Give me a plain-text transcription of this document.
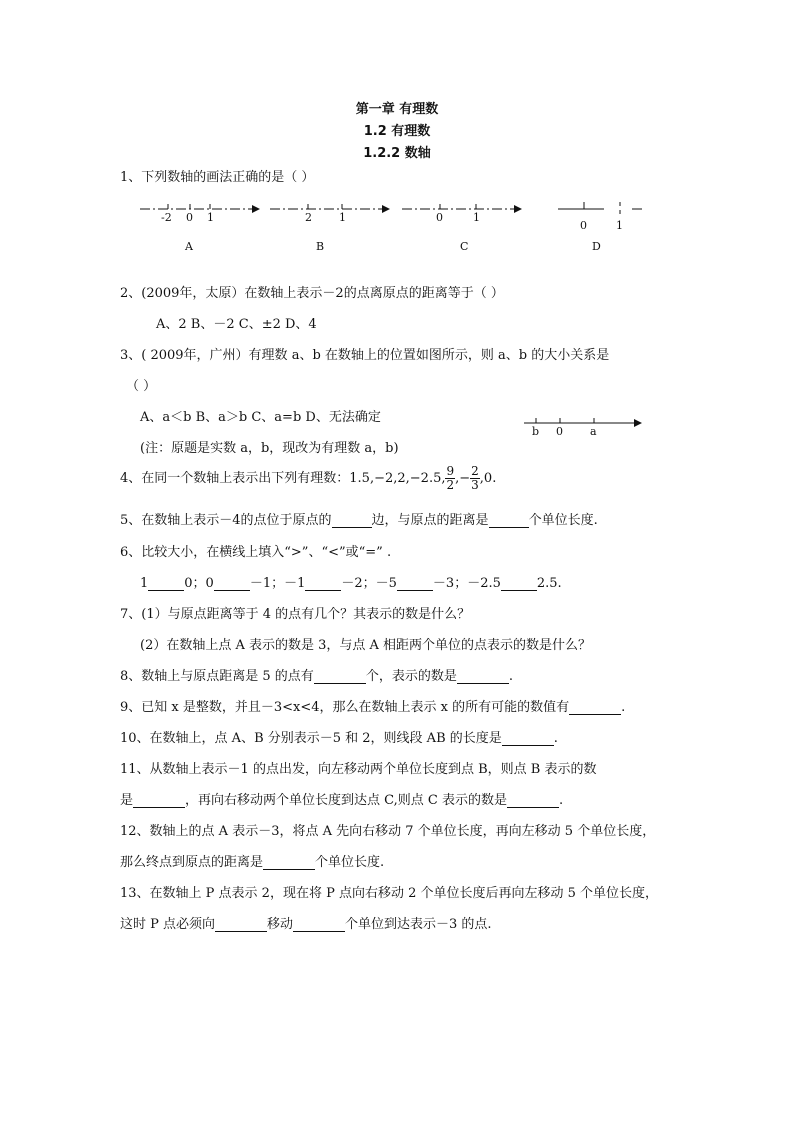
第一章 有理数
1.2 有理数
1.2.2 数轴
1、下列数轴的画法正确的是（ ）
-2 0 1
A
2 1
B
0	1
C
0	1
D
2、(2009年，太原）在数轴上表示－2的点离原点的距离等于（ ）
A、2 B、－2 C、±2 D、4
3、( 2009年，广州）有理数 a、b 在数轴上的位置如图所示，则 a、b 的大小关系是
（ ）
A、a＜b B、a＞b C、a=b D、无法确定
(注：原题是实数 a，b，现改为有理数 a，b)
b 0 a
4、在同一个数轴上表示出下列有理数：1.5,−2,2,−2.5, $\frac{9}{2}$ ,− $\frac{2}{3} ,0$.
5、在数轴上表示－4的点位于原点的	边，与原点的距离是	个单位长度.
6、比较大小，在横线上填入“>”、“<”或“=” .
1	0；0	－1；－1	－2；－5	－3；－2.5	2.5.
7、(1）与原点距离等于 4 的点有几个？其表示的数是什么？
(2）在数轴上点 A 表示的数是 3，与点 A 相距两个单位的点表示的数是什么？
8、数轴上与原点距离是 5 的点有	个，表示的数是	.
9、已知 x 是整数，并且－3<x<4，那么在数轴上表示 x 的所有可能的数值有	.
10、在数轴上，点 A、B 分别表示－5 和 2，则线段 AB 的长度是	.
11、从数轴上表示－1 的点出发，向左移动两个单位长度到点 B，则点 B 表示的数
是	，再向右移动两个单位长度到达点 C,则点 C 表示的数是	.
12、数轴上的点 A 表示－3，将点 A 先向右移动 7 个单位长度，再向左移动 5 个单位长度，
那么终点到原点的距离是	个单位长度.
13、在数轴上 P 点表示 2，现在将 P 点向右移动 2 个单位长度后再向左移动 5 个单位长度，
这时 P 点必须向	移动	个单位到达表示－3 的点.
